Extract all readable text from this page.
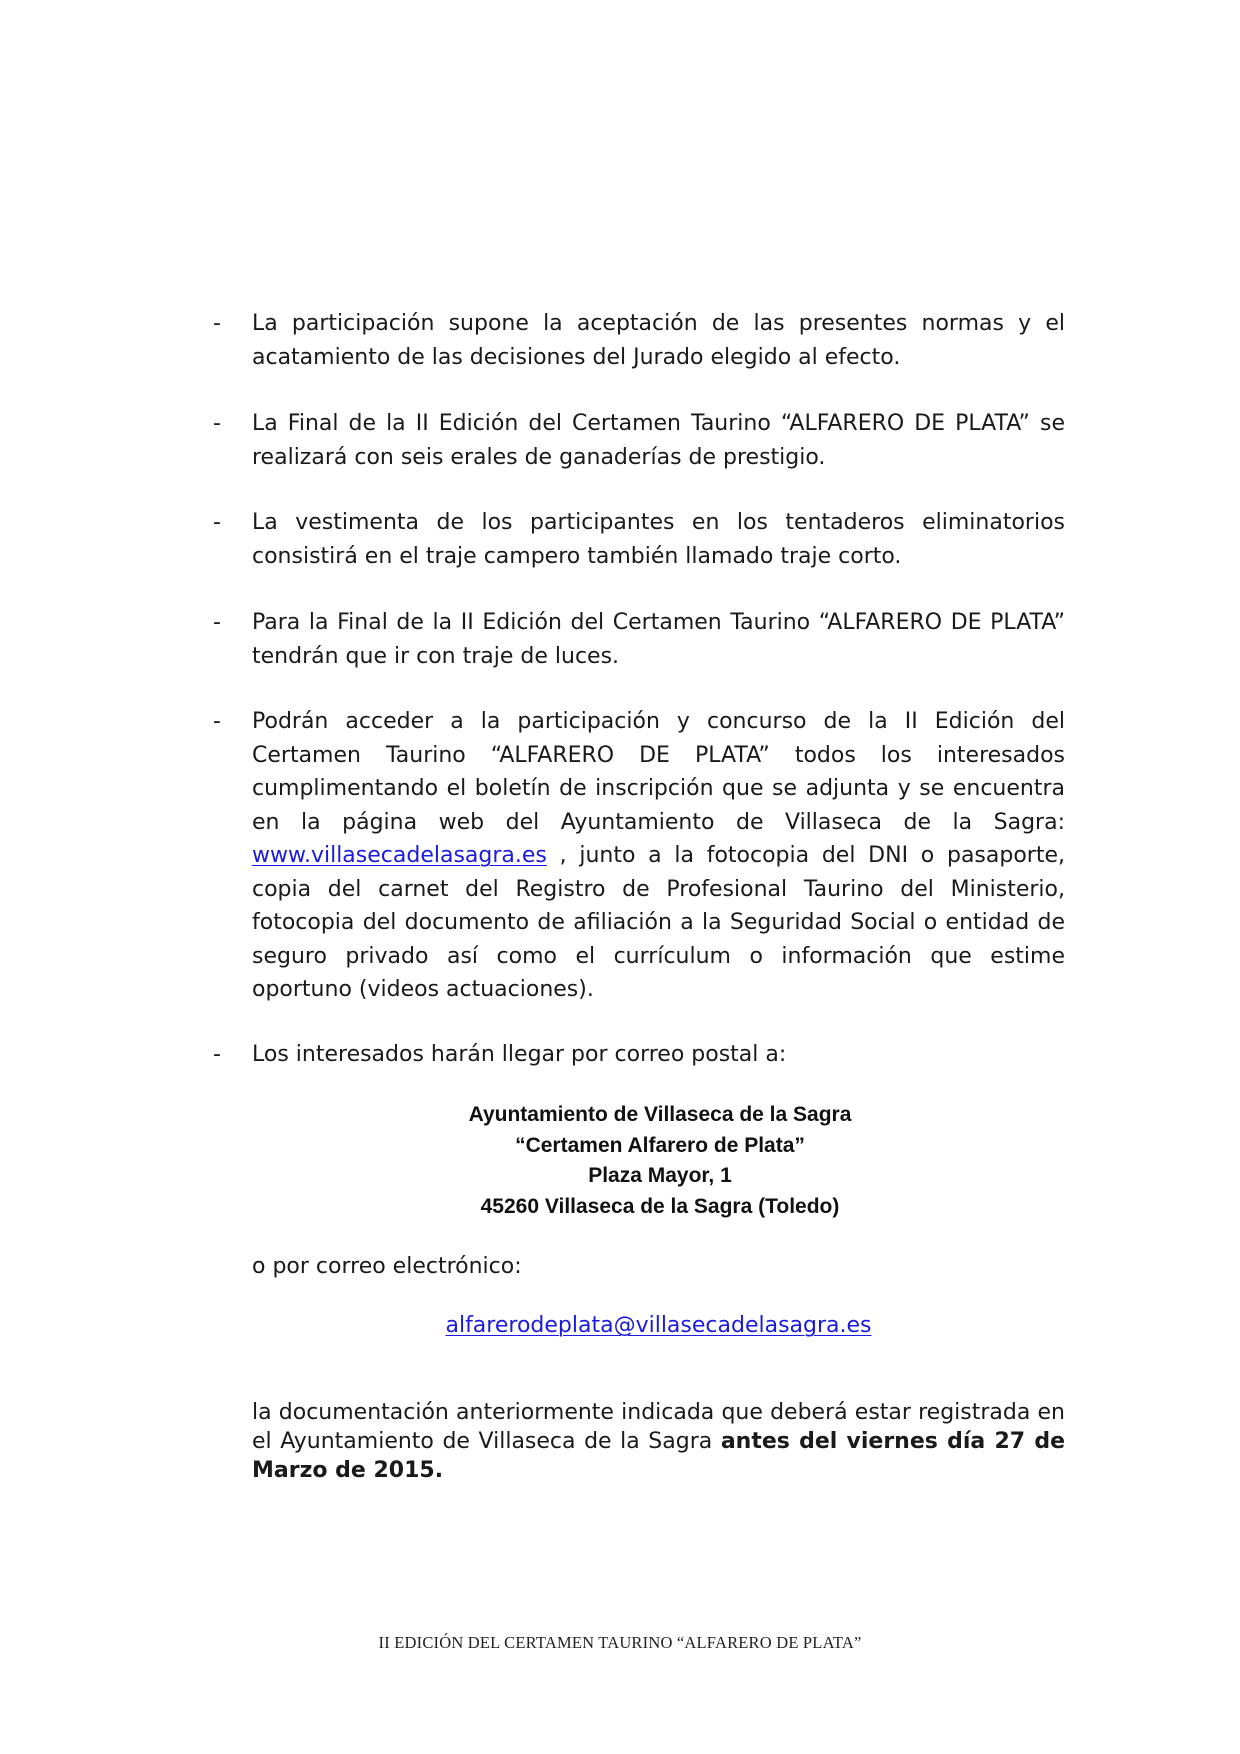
- La participación supone la aceptación de las presentes normas y el acatamiento de las decisiones del Jurado elegido al efecto.
- La Final de la II Edición del Certamen Taurino “ALFARERO DE PLATA” se realizará con seis erales de ganaderías de prestigio.
- La vestimenta de los participantes en los tentaderos eliminatorios consistirá en el traje campero también llamado traje corto.
- Para la Final de la II Edición del Certamen Taurino “ALFARERO DE PLATA” tendrán que ir con traje de luces.
- Podrán acceder a la participación y concurso de la II Edición del Certamen Taurino “ALFARERO DE PLATA” todos los interesados cumplimentando el boletín de inscripción que se adjunta y se encuentra en la página web del Ayuntamiento de Villaseca de la Sagra: www.villasecadelasagra.es , junto a la fotocopia del DNI o pasaporte, copia del carnet del Registro de Profesional Taurino del Ministerio, fotocopia del documento de afiliación a la Seguridad Social o entidad de seguro privado así como el currículum o información que estime oportuno (videos actuaciones).
- Los interesados harán llegar por correo postal a:
Ayuntamiento de Villaseca de la Sagra
“Certamen Alfarero de Plata”
Plaza Mayor, 1
45260 Villaseca de la Sagra (Toledo)
o por correo electrónico:
alfarerodeplata@villasecadelasagra.es
la documentación anteriormente indicada que deberá estar registrada en el Ayuntamiento de Villaseca de la Sagra antes del viernes día 27 de Marzo de 2015.
II EDICIÓN DEL CERTAMEN TAURINO “ALFARERO DE PLATA”
